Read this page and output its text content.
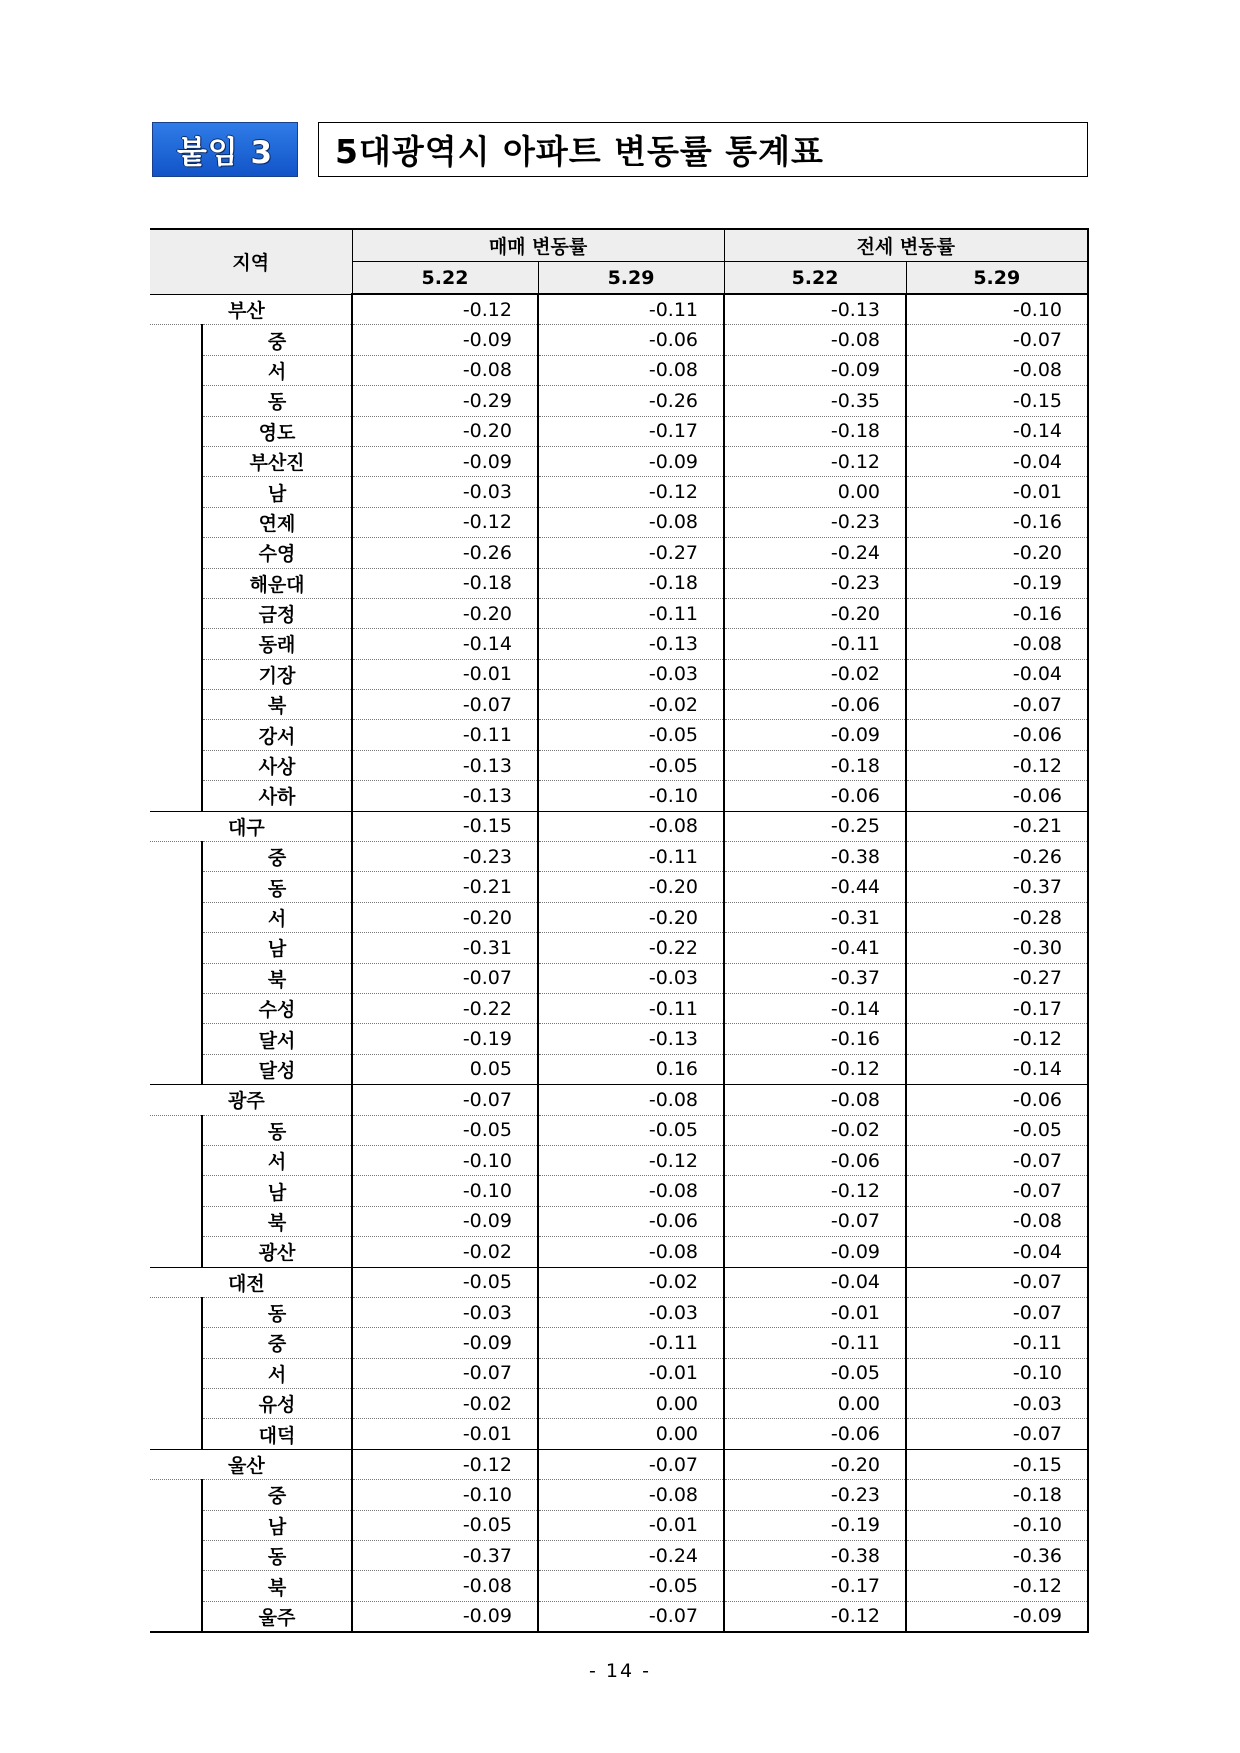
붙임 3	5대광역시 아파트 변동률 통계표
지역		매매 변동률		전세 변동률	
		5.22	5.29	5.22	5.29
부산		-0.12	-0.11	-0.13	-0.10
	중	-0.09	-0.06	-0.08	-0.07
	서	-0.08	-0.08	-0.09	-0.08
	동	-0.29	-0.26	-0.35	-0.15
	영도	-0.20	-0.17	-0.18	-0.14
	부산진	-0.09	-0.09	-0.12	-0.04
	남	-0.03	-0.12	0.00	-0.01
	연제	-0.12	-0.08	-0.23	-0.16
	수영	-0.26	-0.27	-0.24	-0.20
	해운대	-0.18	-0.18	-0.23	-0.19
	금정	-0.20	-0.11	-0.20	-0.16
	동래	-0.14	-0.13	-0.11	-0.08
	기장	-0.01	-0.03	-0.02	-0.04
	북	-0.07	-0.02	-0.06	-0.07
	강서	-0.11	-0.05	-0.09	-0.06
	사상	-0.13	-0.05	-0.18	-0.12
	사하	-0.13	-0.10	-0.06	-0.06
대구		-0.15	-0.08	-0.25	-0.21
	중	-0.23	-0.11	-0.38	-0.26
	동	-0.21	-0.20	-0.44	-0.37
	서	-0.20	-0.20	-0.31	-0.28
	남	-0.31	-0.22	-0.41	-0.30
	북	-0.07	-0.03	-0.37	-0.27
	수성	-0.22	-0.11	-0.14	-0.17
	달서	-0.19	-0.13	-0.16	-0.12
	달성	0.05	0.16	-0.12	-0.14
광주		-0.07	-0.08	-0.08	-0.06
	동	-0.05	-0.05	-0.02	-0.05
	서	-0.10	-0.12	-0.06	-0.07
	남	-0.10	-0.08	-0.12	-0.07
	북	-0.09	-0.06	-0.07	-0.08
	광산	-0.02	-0.08	-0.09	-0.04
대전		-0.05	-0.02	-0.04	-0.07
	동	-0.03	-0.03	-0.01	-0.07
	중	-0.09	-0.11	-0.11	-0.11
	서	-0.07	-0.01	-0.05	-0.10
	유성	-0.02	0.00	0.00	-0.03
	대덕	-0.01	0.00	-0.06	-0.07
울산		-0.12	-0.07	-0.20	-0.15
	중	-0.10	-0.08	-0.23	-0.18
	남	-0.05	-0.01	-0.19	-0.10
	동	-0.37	-0.24	-0.38	-0.36
	북	-0.08	-0.05	-0.17	-0.12
	울주	-0.09	-0.07	-0.12	-0.09
- 14 -
